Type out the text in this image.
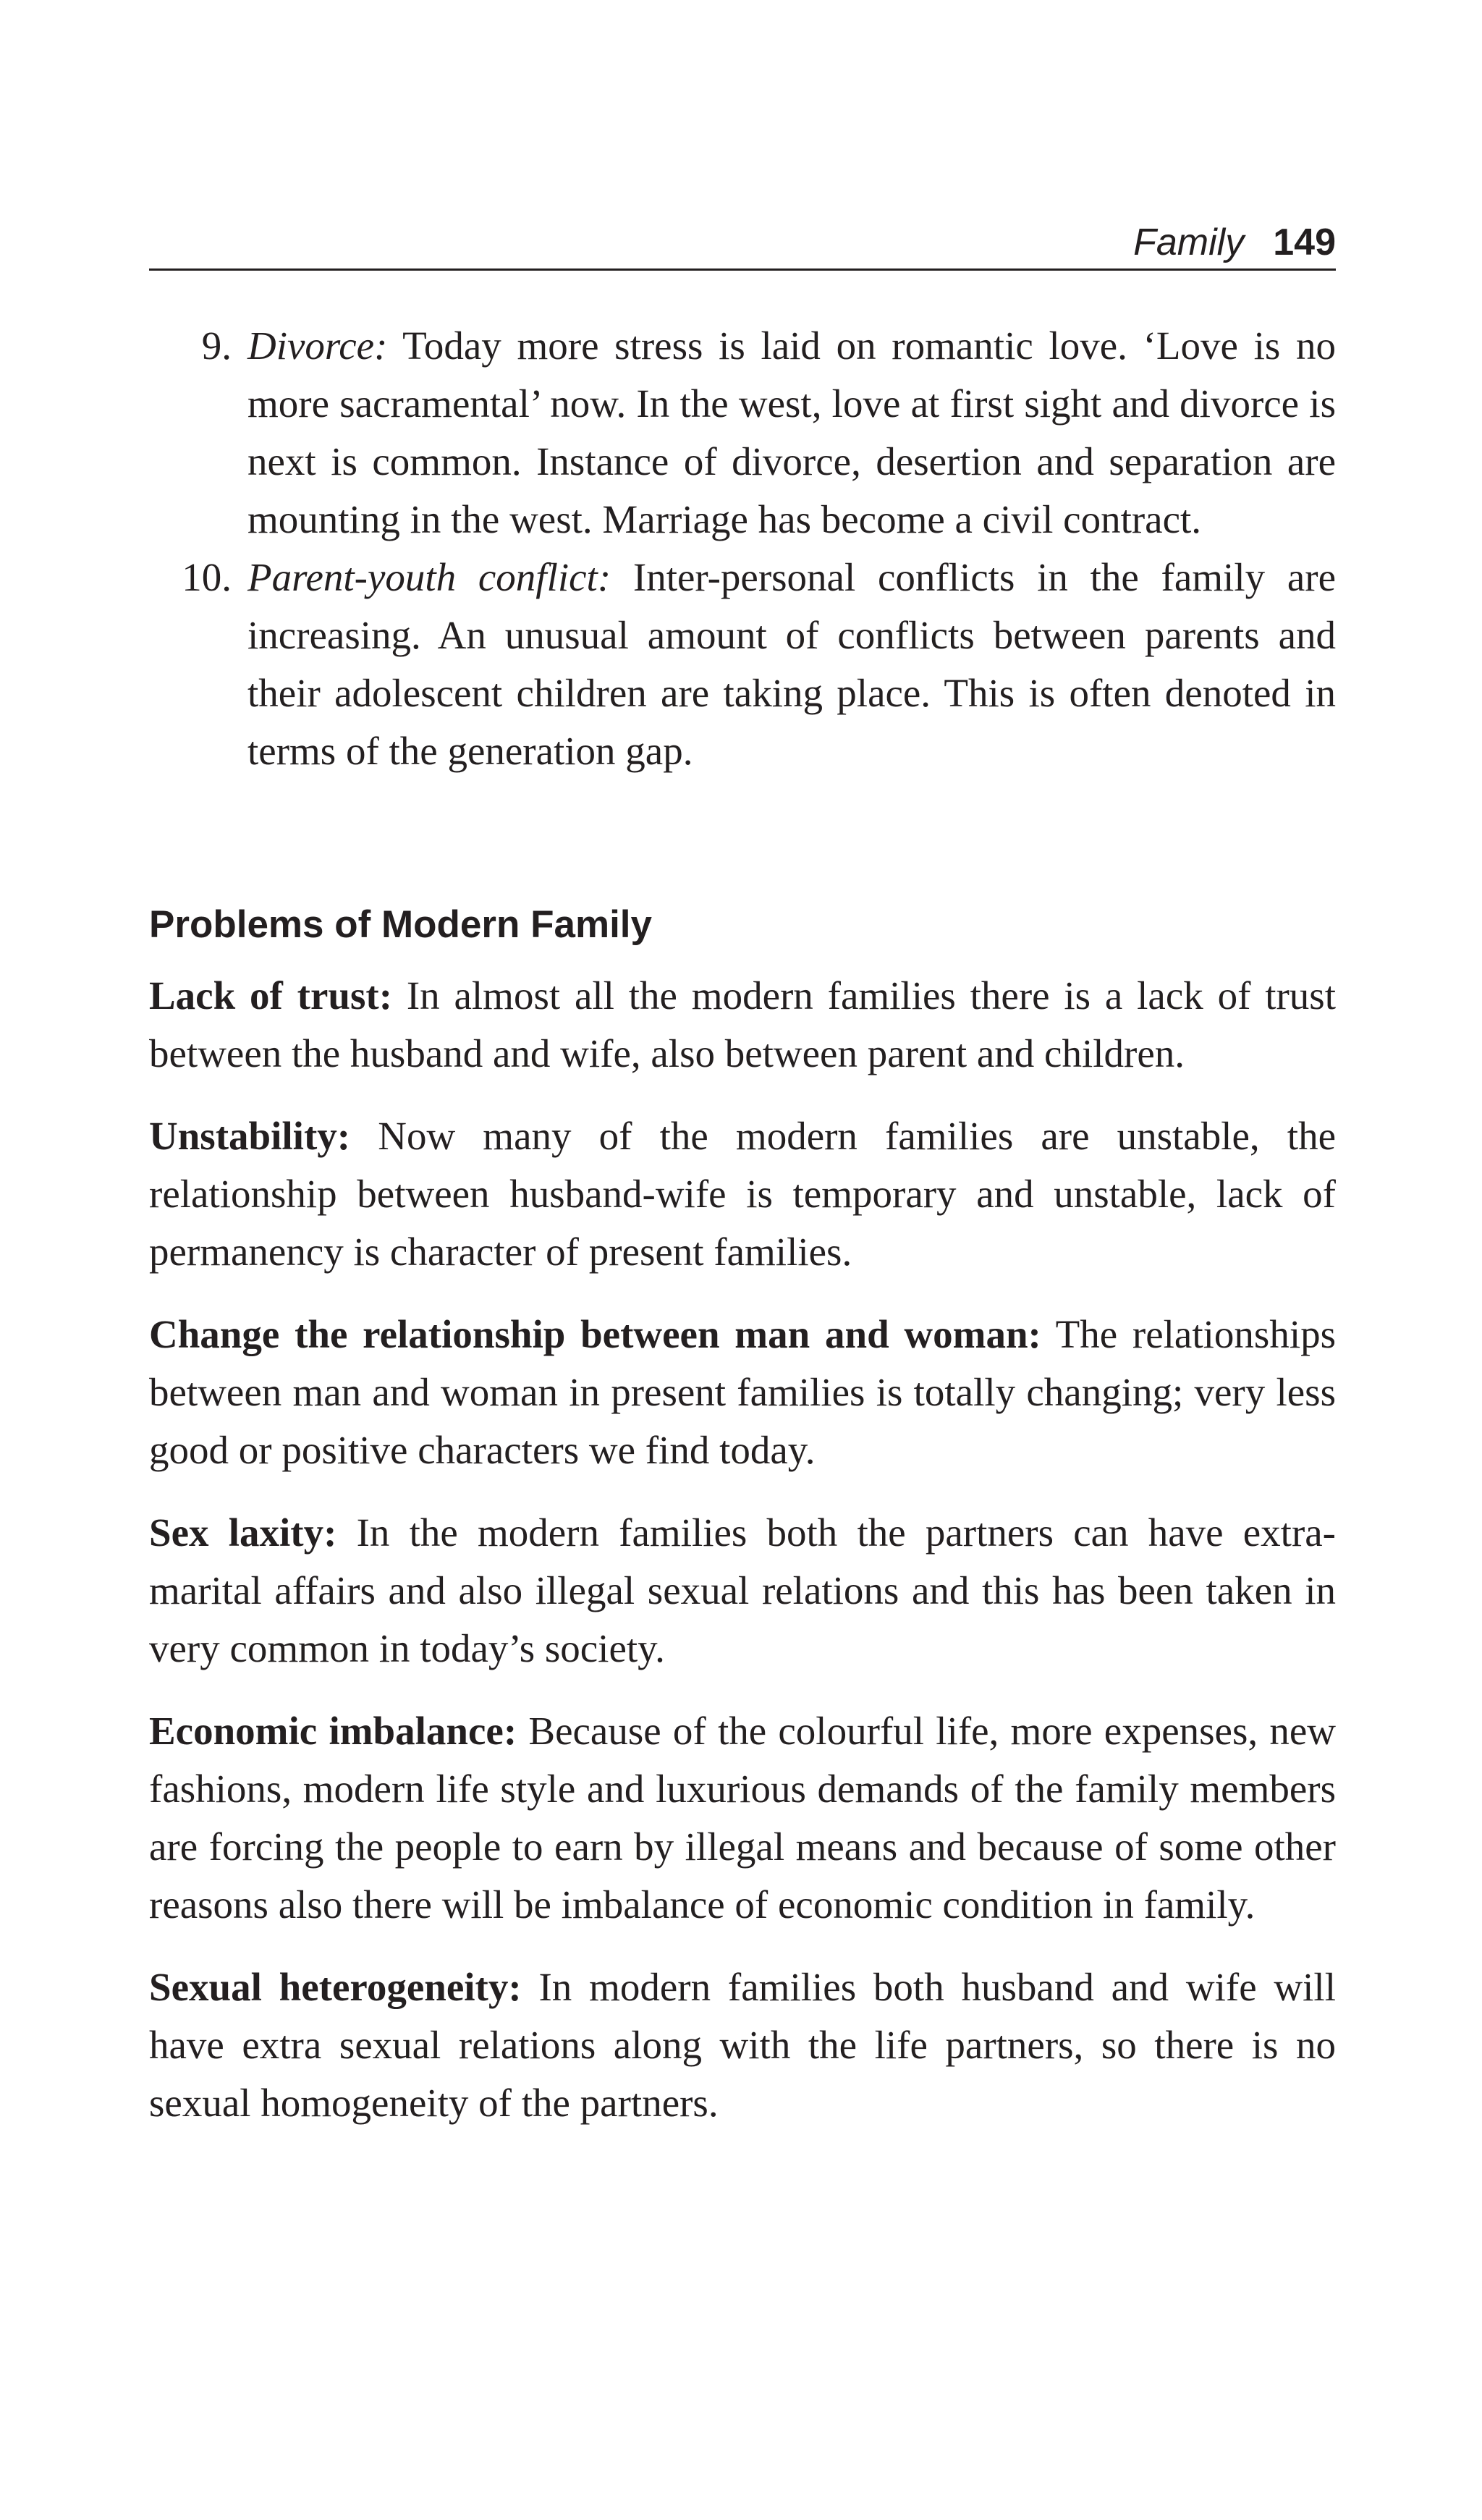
Family 149
9. Divorce: Today more stress is laid on romantic love. ‘Love is no more sacramental’ now. In the west, love at first sight and divorce is next is common. Instance of divorce, desertion and separation are mounting in the west. Marriage has become a civil contract.
10. Parent-youth conflict: Inter-personal conflicts in the family are increasing. An unusual amount of conflicts between parents and their adolescent children are taking place. This is often denoted in terms of the generation gap.
Problems of Modern Family

Lack of trust: In almost all the modern families there is a lack of trust between the husband and wife, also between parent and children.

Unstability: Now many of the modern families are unstable, the relationship between husband-wife is temporary and unstable, lack of permanency is character of present families.

Change the relationship between man and woman: The relationships between man and woman in present families is totally changing; very less good or positive characters we find today.

Sex laxity: In the modern families both the partners can have extra-marital affairs and also illegal sexual relations and this has been taken in very common in today’s society.

Economic imbalance: Because of the colourful life, more expenses, new fashions, modern life style and luxurious demands of the family members are forcing the people to earn by illegal means and because of some other reasons also there will be imbalance of economic condition in family.

Sexual heterogeneity: In modern families both husband and wife will have extra sexual relations along with the life partners, so there is no sexual homogeneity of the partners.
